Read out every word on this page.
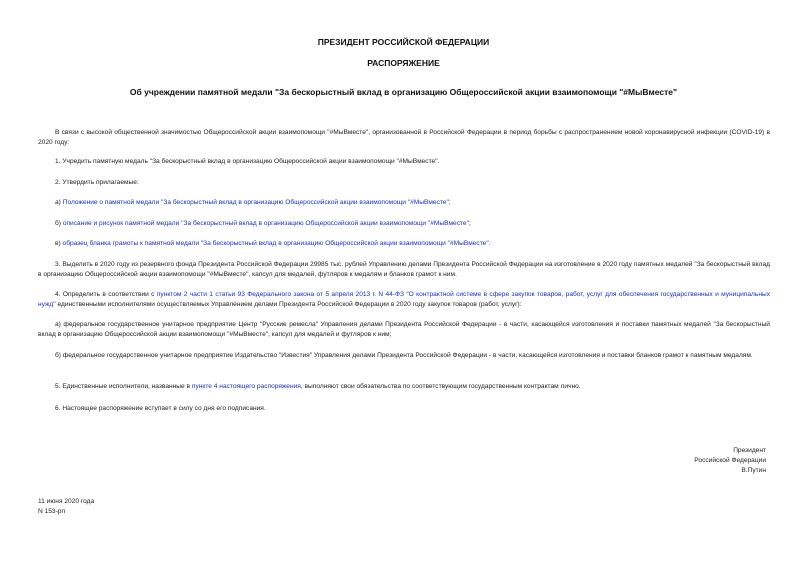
ПРЕЗИДЕНТ РОССИЙСКОЙ ФЕДЕРАЦИИ
РАСПОРЯЖЕНИЕ
Об учреждении памятной медали "За бескорыстный вклад в организацию Общероссийской акции взаимопомощи "#МыВместе"

В связи с высокой общественной значимостью Общероссийской акции взаимопомощи "#МыВместе", организованной в Российской Федерации в период борьбы с распространением новой коронавирусной инфекции (COVID-19) в 2020 году:

1. Учредить памятную медаль "За бескорыстный вклад в организацию Общероссийской акции взаимопомощи "#МыВместе".

2. Утвердить прилагаемые:

а) Положение о памятной медали "За бескорыстный вклад в организацию Общероссийской акции взаимопомощи "#МыВместе";

б) описание и рисунок памятной медали "За бескорыстный вклад в организацию Общероссийской акции взаимопомощи "#МыВместе";

в) образец бланка грамоты к памятной медали "За бескорыстный вклад в организацию Общероссийской акции взаимопомощи "#МыВместе".

3. Выделить в 2020 году из резервного фонда Президента Российской Федерации 29985 тыс. рублей Управлению делами Президента Российской Федерации на изготовление в 2020 году памятных медалей "За бескорыстный вклад в организацию Общероссийской акции взаимопомощи "#МыВместе", капсул для медалей, футляров к медалям и бланков грамот к ним.

4. Определить в соответствии с пунктом 2 части 1 статьи 93 Федерального закона от 5 апреля 2013 г. N 44-ФЗ "О контрактной системе в сфере закупок товаров, работ, услуг для обеспечения государственных и муниципальных нужд" единственными исполнителями осуществляемых Управлением делами Президента Российской Федерации в 2020 году закупок товаров (работ, услуг):

а) федеральное государственное унитарное предприятие Центр "Русские ремесла" Управления делами Президента Российской Федерации - в части, касающейся изготовления и поставки памятных медалей "За бескорыстный вклад в организацию Общероссийской акции взаимопомощи "#МыВместе", капсул для медалей и футляров к ним;

б) федеральное государственное унитарное предприятие Издательство "Известия" Управления делами Президента Российской Федерации - в части, касающейся изготовления и поставки бланков грамот к памятным медалям.

5. Единственные исполнители, названные в пункте 4 настоящего распоряжения, выполняют свои обязательства по соответствующим государственным контрактам лично.

6. Настоящее распоряжение вступает в силу со дня его подписания.

Президент
Российской Федерации
В.Путин
11 июня 2020 года
N 153-рп
